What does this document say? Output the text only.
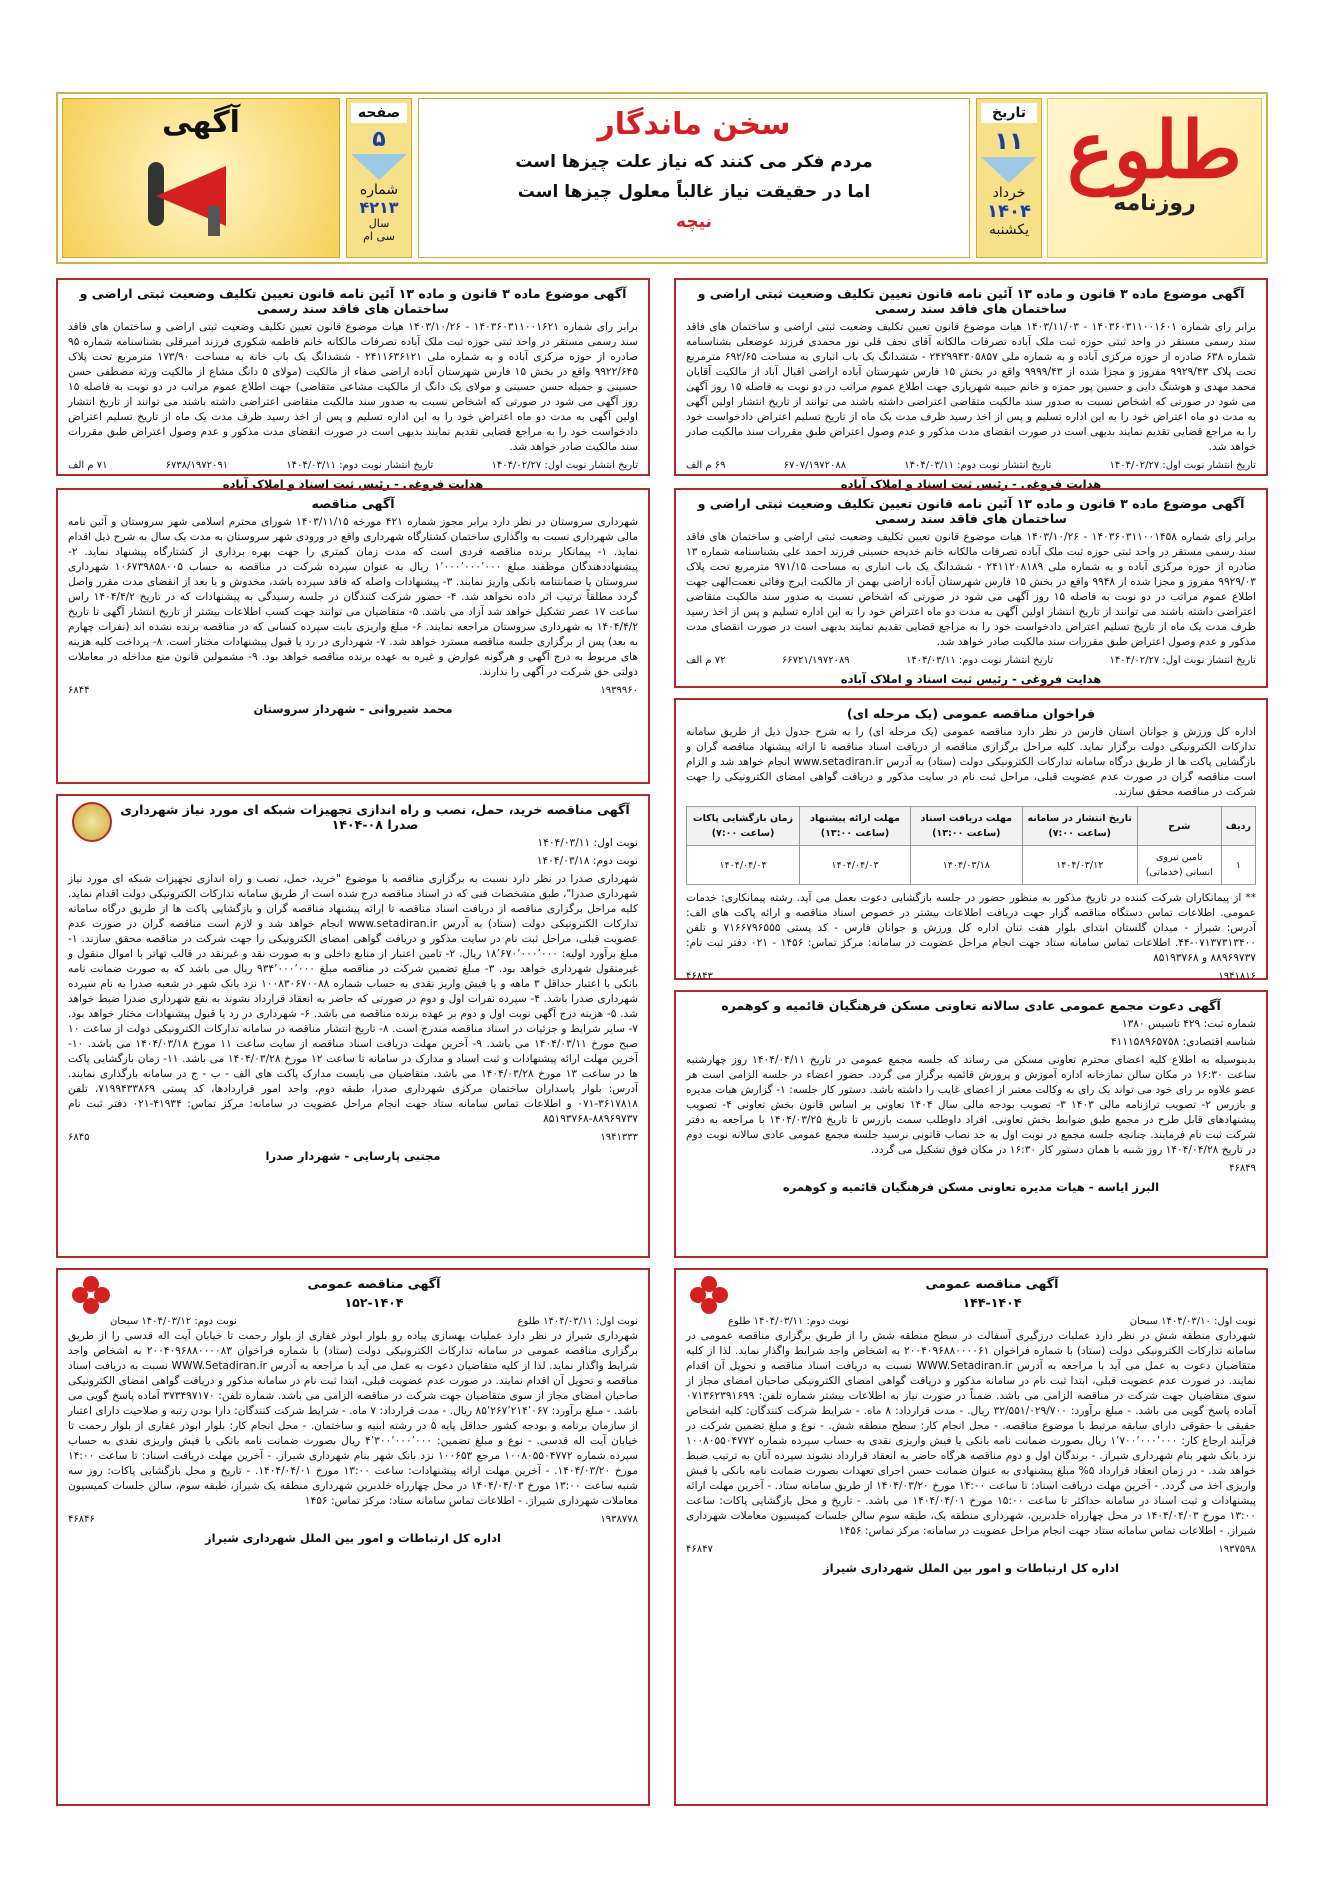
طلوع
روزنامه
تاریخ
۱۱
خرداد
۱۴۰۴
یکشنبه
سخن ماندگار
مردم فکر می کنند که نیاز علت چیزها است
اما در حقیقت نیاز غالباً معلول چیزها است
نیچه
صفحه
۵
شماره
۴۲۱۳
سال
سی ام
آگهی
آگهی موضوع ماده ۳ قانون و ماده ۱۳ آئین نامه قانون تعیین تکلیف وضعیت ثبتی اراضی و ساختمان های فاقد سند رسمی

برابر رای شماره ۱۴۰۳۶۰۳۱۱۰۰۱۶۰۱ - ۱۴۰۳/۱۱/۰۳ هیات موضوع قانون تعیین تکلیف وضعیت ثبتی اراضی و ساختمان های فاقد سند رسمی مستقر در واحد ثبتی حوزه ثبت ملک آباده تصرفات مالکانه آقای نجف قلی نور محمدی فرزند عوضعلی بشناسنامه شماره ۶۳۸ صادره از حوزه مرکزی آباده و به شماره ملی ۲۴۲۹۹۴۳۰۵۸۵۷ - ششدانگ یک باب انباری به مساحت ۶۹۲/۶۵ مترمربع تحت پلاک ۹۹۲۹/۴۳ مفروز و مجزا شده از ۹۹۹۹/۴۳ واقع در بخش ۱۵ فارس شهرستان آباده اراضی اقبال آباد از مالکیت آقایان محمد مهدی و هوشنگ دایی و حسین پور حمزه و خانم حبیبه شهریاری جهت اطلاع عموم مراتب در دو نوبت به فاصله ۱۵ روز آگهی می شود در صورتی که اشخاص نسبت به صدور سند مالکیت متقاضی اعتراضی داشته باشند می توانند از تاریخ انتشار اولین آگهی به مدت دو ماه اعتراض خود را به این اداره تسلیم و پس از اخذ رسید ظرف مدت یک ماه از تاریخ تسلیم اعتراض دادخواست خود را به مراجع قضایی تقدیم نمایند بدیهی است در صورت انقضای مدت مذکور و عدم وصول اعتراض طبق مقررات سند مالکیت صادر خواهد شد.

تاریخ انتشار نوبت اول: ۱۴۰۴/۰۲/۲۷
تاریخ انتشار نوبت دوم: ۱۴۰۴/۰۳/۱۱
۶۷۰۷/۱۹۷۲۰۸۸
۶۹ م الف
هدایت فروغی - رئیس ثبت اسناد و املاک آباده
آگهی موضوع ماده ۳ قانون و ماده ۱۳ آئین نامه قانون تعیین تکلیف وضعیت ثبتی اراضی و ساختمان های فاقد سند رسمی

برابر رای شماره ۱۴۰۳۶۰۳۱۱۰۰۱۴۵۸ - ۱۴۰۳/۱۰/۲۶ هیات موضوع قانون تعیین تکلیف وضعیت ثبتی اراضی و ساختمان های فاقد سند رسمی مستقر در واحد ثبتی حوزه ثبت ملک آباده تصرفات مالکانه خانم خدیجه حسینی فرزند احمد علی بشناسنامه شماره ۱۳ صادره از حوزه مرکزی آباده و به شماره ملی ۲۴۱۱۲۰۸۱۸۹ - ششدانگ یک باب انباری به مساحت ۹۷۱/۱۵ مترمربع تحت پلاک ۹۹۲۹/۰۳ مفروز و مجزا شده از ۹۹۴۸ واقع در بخش ۱۵ فارس شهرستان آباده اراضی بهمن از مالکیت ایرج وفائی نعمت‌الهی جهت اطلاع عموم مراتب در دو نوبت به فاصله ۱۵ روز آگهی می شود در صورتی که اشخاص نسبت به صدور سند مالکیت متقاضی اعتراضی داشته باشند می توانند از تاریخ انتشار اولین آگهی به مدت دو ماه اعتراض خود را به این اداره تسلیم و پس از اخذ رسید ظرف مدت یک ماه از تاریخ تسلیم اعتراض دادخواست خود را به مراجع قضایی تقدیم نمایند بدیهی است در صورت انقضای مدت مذکور و عدم وصول اعتراض طبق مقررات سند مالکیت صادر خواهد شد.

تاریخ انتشار نوبت اول: ۱۴۰۴/۰۲/۲۷
تاریخ انتشار نوبت دوم: ۱۴۰۴/۰۳/۱۱
۶۶۷۲۱/۱۹۷۲۰۸۹
۷۲ م الف
هدایت فروغی - رئیس ثبت اسناد و املاک آباده
فراخوان مناقصه عمومی (یک مرحله ای)

اداره کل ورزش و جوانان استان فارس در نظر دارد مناقصه عمومی (یک مرحله ای) را به شرح جدول ذیل از طریق سامانه تدارکات الکترونیکی دولت برگزار نماید. کلیه مراحل برگزاری مناقصه از دریافت اسناد مناقصه تا ارائه پیشنهاد مناقصه گران و بازگشایی پاکت ها از طریق درگاه سامانه تدارکات الکترونیکی دولت (ستاد) به آدرس www.setadiran.ir انجام خواهد شد و الزام است مناقصه گران در صورت عدم عضویت قبلی، مراحل ثبت نام در سایت مذکور و دریافت گواهی امضای الکترونیکی را جهت شرکت در مناقصه محقق سازند.

ردیف	شرح	تاریخ انتشار در سامانه (ساعت ۷:۰۰)	مهلت دریافت اسناد (ساعت ۱۳:۰۰)	مهلت ارائه پیشنهاد (ساعت ۱۳:۰۰)	زمان بازگشایی پاکات (ساعت ۷:۰۰)
۱	تامین نیروی انسانی (خدماتی)	۱۴۰۴/۰۳/۱۲	۱۴۰۴/۰۳/۱۸	۱۴۰۴/۰۴/۰۳	۱۴۰۴/۰۴/۰۴

** از پیمانکاران شرکت کننده در تاریخ مذکور به منظور حضور در جلسه بازگشایی دعوت بعمل می آید. رشته پیمانکاری: خدمات عمومی. اطلاعات تماس دستگاه مناقصه گزار جهت دریافت اطلاعات بیشتر در خصوص اسناد مناقصه و ارائه پاکت های الف: آدرس: شیراز - میدان گلستان ابتدای بلوار هفت تنان اداره کل ورزش و جوانان فارس - کد پستی ۷۱۶۶۷۹۶۵۵۵ و تلفن ۰۷۱۳۷۳۱۳۴۰۰-۴۴. اطلاعات تماس سامانه ستاد جهت انجام مراحل عضویت در سامانه: مرکز تماس: ۱۴۵۶ - ۰۲۱ دفتر ثبت نام: ۸۸۹۶۹۷۳۷ و ۸۵۱۹۳۷۶۸

۱۹۴۱۸۱۶
۴۶۸۴۳
آگهی دعوت مجمع عمومی عادی سالانه تعاونی مسکن فرهنگیان قائمیه و کوهمره

شماره ثبت: ۴۲۹ تاسیس ۱۳۸۰

شناسه اقتصادی: ۴۱۱۱۵۸۹۶۵۷۵۸

بدینوسیله به اطلاع کلیه اعضای محترم تعاونی مسکن می رساند که جلسه مجمع عمومی در تاریخ ۱۴۰۴/۰۴/۱۱ روز چهارشنبه ساعت ۱۶:۳۰ در مکان سالن نمازخانه اداره آموزش و پرورش قائمیه برگزار می گردد. حضور اعضاء در جلسه الزامی است هر عضو علاوه بر رای خود می تواند یک رای به وکالت معتبر از اعضای غایب را داشته باشد. دستور کار جلسه: ۱- گزارش هیات مدیره و بازرس ۲- تصویب ترازنامه مالی ۱۴۰۳ ۳- تصویب بودجه مالی سال ۱۴۰۴ تعاونی بر اساس قانون بخش تعاونی ۴- تصویب پیشنهادهای قابل طرح در مجمع طبق ضوابط بخش تعاونی. افراد داوطلب سمت بازرس تا تاریخ ۱۴۰۴/۰۳/۲۵ با مراجعه به دفتر شرکت ثبت نام فرمایند. چنانچه جلسه مجمع در نوبت اول به حد نصاب قانونی نرسید جلسه مجمع عمومی عادی سالانه نوبت دوم در تاریخ ۱۴۰۴/۰۴/۲۸ روز شنبه با همان دستور کار ۱۶:۳۰ در مکان فوق تشکیل می گردد.

۴۶۸۴۹
البرز ایاسه - هیات مدیره تعاونی مسکن فرهنگیان قائمیه و کوهمره
آگهی مناقصه عمومی
۱۴۴-۱۴۰۴
نوبت اول: ۱۴۰۴/۰۳/۱۰ سبحان
نوبت دوم: ۱۴۰۴/۰۳/۱۱ طلوع

شهرداری منطقه شش در نظر دارد عملیات درزگیری آسفالت در سطح منطقه شش را از طریق برگزاری مناقصه عمومی در سامانه تدارکات الکترونیکی دولت (ستاد) با شماره فراخوان ۲۰۰۴۰۹۶۸۸۰۰۰۰۶۱ به اشخاص واجد شرایط واگذار نماید. لذا از کلیه متقاضیان دعوت به عمل می آید با مراجعه به آدرس WWW.Setadiran.ir نسبت به دریافت اسناد مناقصه و تحویل آن اقدام نمایند. در صورت عدم عضویت قبلی، ابتدا ثبت نام در سامانه مذکور و دریافت گواهی امضای الکترونیکی صاحبان امضای مجاز از سوی متقاضیان جهت شرکت در مناقصه الزامی می باشد. ضمناً در صورت نیاز به اطلاعات بیشتر شماره تلفن: ۰۷۱۳۶۲۳۹۱۶۹۹ آماده پاسخ گویی می باشد. - مبلغ برآورد: ۳۲/۵۵۱/۰۲۹/۷۰۰ ریال. - مدت قرارداد: ۸ ماه. - شرایط شرکت کنندگان: کلیه اشخاص حقیقی با حقوقی دارای سابقه مرتبط با موضوع مناقصه. - محل انجام کار: سطح منطقه شش. - نوع و مبلغ تضمین شرکت در فرآیند ارجاع کار: ۱٬۷۰۰٬۰۰۰٬۰۰۰ ریال بصورت ضمانت نامه بانکی یا فیش واریزی نقدی به حساب سپرده شماره ۱۰۰۸۰۵۵۰۴۷۷۲ نزد بانک شهر بنام شهرداری شیراز. - برندگان اول و دوم مناقصه هرگاه حاضر به انعقاد قرارداد نشوند سپرده آنان به ترتیب ضبط خواهد شد. - در زمان انعقاد قرارداد ۵% مبلغ پیشنهادی به عنوان ضمانت حسن اجرای تعهدات بصورت ضمانت نامه بانکی یا فیش واریزی اخذ می گردد. - آخرین مهلت دریافت اسناد: تا ساعت ۱۴:۰۰ مورخ ۱۴۰۴/۰۳/۲۰ از طریق سامانه ستاد. - آخرین مهلت ارائه پیشنهادات و ثبت اسناد در سامانه حداکثر تا ساعت ۱۵:۰۰ مورخ ۱۴۰۴/۰۴/۰۱ می باشد. - تاریخ و محل بازگشایی پاکات: ساعت ۱۳:۰۰ مورخ ۱۴۰۴/۰۴/۰۳ در محل چهارراه خلدبرین، شهرداری منطقه یک، طبقه سوم سالن جلسات کمیسیون معاملات شهرداری شیراز. - اطلاعات تماس سامانه ستاد جهت انجام مراحل عضویت در سامانه: مرکز تماس: ۱۴۵۶

۱۹۳۷۵۹۸
۴۶۸۴۷
اداره کل ارتباطات و امور بین الملل شهرداری شیراز
آگهی موضوع ماده ۳ قانون و ماده ۱۳ آئین نامه قانون تعیین تکلیف وضعیت ثبتی اراضی و ساختمان های فاقد سند رسمی

برابر رای شماره ۱۴۰۳۶۰۳۱۱۰۰۱۶۲۱ - ۱۴۰۳/۱۰/۲۶ هیات موضوع قانون تعیین تکلیف وضعیت ثبتی اراضی و ساختمان های فاقد سند رسمی مستقر در واحد ثبتی حوزه ثبت ملک آباده تصرفات مالکانه خانم فاطمه شکوری فرزند امیرقلی بشناسنامه شماره ۹۵ صادره از حوزه مرکزی آباده و به شماره ملی ۲۴۱۱۶۳۶۱۲۱ - ششدانگ یک باب خانه به مساحت ۱۷۳/۹۰ مترمربع تحت پلاک ۹۹۲۲/۶۴۵ واقع در بخش ۱۵ فارس شهرستان آباده اراضی صفاء از مالکیت (مولای ۵ دانگ مشاع از مالکیت ورثه مصطفی حسن حسینی و جمیله حسن حسینی و مولای یک دانگ از مالکیت مشاعی متقاضی) جهت اطلاع عموم مراتب در دو نوبت به فاصله ۱۵ روز آگهی می شود در صورتی که اشخاص نسبت به صدور سند مالکیت متقاضی اعتراضی داشته باشند می توانند از تاریخ انتشار اولین آگهی به مدت دو ماه اعتراض خود را به این اداره تسلیم و پس از اخذ رسید ظرف مدت یک ماه از تاریخ تسلیم اعتراض دادخواست خود را به مراجع قضایی تقدیم نمایند بدیهی است در صورت انقضای مدت مذکور و عدم وصول اعتراض طبق مقررات سند مالکیت صادر خواهد شد.

تاریخ انتشار نوبت اول: ۱۴۰۴/۰۲/۲۷
تاریخ انتشار نوبت دوم: ۱۴۰۴/۰۳/۱۱
۶۷۳۸/۱۹۷۲۰۹۱
۷۱ م الف
هدایت فروغی - رئیس ثبت اسناد و املاک آباده
آگهی مناقصه

شهرداری سروستان در نظر دارد برابر مجوز شماره ۴۲۱ مورخه ۱۴۰۳/۱۱/۱۵ شورای محترم اسلامی شهر سروستان و آئین نامه مالی شهرداری نسبت به واگذاری ساختمان کشتارگاه شهرداری واقع در ورودی شهر سروستان به مدت یک سال به شرح ذیل اقدام نماید. ۱- پیمانکار برنده مناقصه فردی است که مدت زمان کمتری را جهت بهره برداری از کشتارگاه پیشنهاد نماید. ۲- پیشنهاددهندگان موظفند مبلغ ۱٬۰۰۰٬۰۰۰٬۰۰۰ ریال به عنوان سپرده شرکت در مناقصه به حساب ۱۰۶۷۳۹۸۵۸۰۰۵ شهرداری سروستان یا ضمانتنامه بانکی واریز نمایند. ۳- پیشنهادات واصله که فاقد سپرده باشد، مخدوش و یا بعد از انقضای مدت مقرر واصل گردد مطلقاً ترتیب اثر داده نخواهد شد. ۴- حضور شرکت کنندگان در جلسه رسیدگی به پیشنهادات که در تاریخ ۱۴۰۴/۴/۲ راس ساعت ۱۷ عصر تشکیل خواهد شد آزاد می باشد. ۵- متقاضیان می توانند جهت کسب اطلاعات بیشتر از تاریخ انتشار آگهی تا تاریخ ۱۴۰۴/۴/۲ به شهرداری سروستان مراجعه نمایند. ۶- مبلغ واریزی بابت سپرده کسانی که در مناقصه برنده نشده اند (نفرات چهارم به بعد) پس از برگزاری جلسه مناقصه مسترد خواهد شد. ۷- شهرداری در رد یا قبول پیشنهادات مختار است. ۸- پرداخت کلیه هزینه های مربوط به درج آگهی و هرگونه عوارض و غیره به عهده برنده مناقصه خواهد بود. ۹- مشمولین قانون منع مداخله در معاملات دولتی حق شرکت در آگهی را ندارند.

۱۹۳۹۹۶۰
۶۸۴۴
محمد شیروانی - شهردار سروستان
آگهی مناقصه خرید، حمل، نصب و راه اندازی تجهیزات شبکه ای مورد نیاز شهرداری صدرا ۰۸-۱۴۰۴

نوبت اول: ۱۴۰۴/۰۳/۱۱

نوبت دوم: ۱۴۰۴/۰۳/۱۸

شهرداری صدرا در نظر دارد نسبت به برگزاری مناقصه با موضوع "خرید، حمل، نصب و راه اندازی تجهیزات شبکه ای مورد نیاز شهرداری صدرا"، طبق مشخصات فنی که در اسناد مناقصه درج شده است از طریق سامانه تدارکات الکترونیکی دولت اقدام نماید. کلیه مراحل برگزاری مناقصه از دریافت اسناد مناقصه تا ارائه پیشنهاد مناقصه گران و بازگشایی پاکت ها از طریق درگاه سامانه تدارکات الکترونیکی دولت (ستاد) به آدرس www.setadiran.ir انجام خواهد شد و لازم است مناقصه گران در صورت عدم عضویت قبلی، مراحل ثبت نام در سایت مذکور و دریافت گواهی امضای الکترونیکی را جهت شرکت در مناقصه محقق سازند. ۱- مبلغ برآورد اولیه: ۱۸٬۶۷۰٬۰۰۰٬۰۰۰ ریال. ۲- تامین اعتبار از منابع داخلی و به صورت نقد و غیرنقد در قالب تهاتر با اموال منقول و غیرمنقول شهرداری خواهد بود. ۳- مبلغ تضمین شرکت در مناقصه مبلغ ۹۳۴٬۰۰۰٬۰۰۰ ریال می باشد که به صورت ضمانت نامه بانکی با اعتبار حداقل ۳ ماهه و یا فیش واریز نقدی به حساب شماره ۱۰۰۸۳۰۶۷۰۰۸۸ نزد بانک شهر در شعبه صدرا به نام سپرده شهرداری صدرا باشد. ۴- سپرده نفرات اول و دوم در صورتی که حاضر به انعقاد قرارداد نشوند به نفع شهرداری صدرا ضبط خواهد شد. ۵- هزینه درج آگهی نوبت اول و دوم بر عهده برنده مناقصه می باشد. ۶- شهرداری در رد یا قبول پیشنهادات مختار خواهد بود. ۷- سایر شرایط و جزئیات در اسناد مناقصه مندرج است. ۸- تاریخ انتشار مناقصه در سامانه تدارکات الکترونیکی دولت از ساعت ۱۰ صبح مورخ ۱۴۰۴/۰۳/۱۱ می باشد. ۹- آخرین مهلت دریافت اسناد مناقصه از سایت ساعت ۱۱ مورخ ۱۴۰۴/۰۳/۱۸ می باشد. ۱۰- آخرین مهلت ارائه پیشنهادات و ثبت اسناد و مدارک در سامانه تا ساعت ۱۲ مورخ ۱۴۰۴/۰۳/۲۸ می باشد. ۱۱- زمان بازگشایی پاکت ها در ساعت ۱۳ مورخ ۱۴۰۴/۰۳/۲۸ می باشد. متقاضیان می بایست مدارک پاکت های الف - ب - ج در سامانه بارگذاری نمایند. آدرس: بلوار پاسداران ساختمان مرکزی شهرداری صدرا، طبقه دوم، واحد امور قراردادها، کد پستی ۷۱۹۹۴۳۳۸۶۹، تلفن ۳۶۱۷۸۱۸-۰۷۱ و اطلاعات تماس سامانه ستاد جهت انجام مراحل عضویت در سامانه: مرکز تماس: ۴۱۹۳۴-۰۲۱ دفتر ثبت نام ۸۸۹۶۹۷۳۷-۸۵۱۹۳۷۶۸

۱۹۴۱۳۳۳
۶۸۴۵
مجتبی پارسایی - شهردار صدرا
آگهی مناقصه عمومی
۱۵۲-۱۴۰۴
نوبت اول: ۱۴۰۴/۰۳/۱۱ طلوع
نوبت دوم: ۱۴۰۴/۰۳/۱۲ سبحان

شهرداری شیراز در نظر دارد عملیات بهسازی پیاده رو بلوار ابوذر غفاری از بلوار رحمت تا خیابان آیت اله قدسی را از طریق برگزاری مناقصه عمومی در سامانه تدارکات الکترونیکی دولت (ستاد) با شماره فراخوان ۲۰۰۴۰۹۶۸۸۰۰۰۰۸۳ به اشخاص واجد شرایط واگذار نماید. لذا از کلیه متقاضیان دعوت به عمل می آید با مراجعه به آدرس WWW.Setadiran.ir نسبت به دریافت اسناد مناقصه و تحویل آن اقدام نمایند. در صورت عدم عضویت قبلی، ابتدا ثبت نام در سامانه مذکور و دریافت گواهی امضای الکترونیکی صاحبان امضای مجاز از سوی متقاضیان جهت شرکت در مناقصه الزامی می باشد. شماره تلفن: ۳۷۳۴۹۷۱۷۰ آماده پاسخ گویی می باشد. - مبلغ برآورد: ۸۵٬۲۶۷٬۲۱۴٬۰۶۷ ریال. - مدت قرارداد: ۷ ماه. - شرایط شرکت کنندگان: دارا بودن رتبه و صلاحیت دارای اعتبار از سازمان برنامه و بودجه کشور حداقل پایه ۵ در رشته ابنیه و ساختمان. - محل انجام کار: بلوار ابوذر غفاری از بلوار رحمت تا خیابان آیت اله قدسی. - نوع و مبلغ تضمین: ۴٬۳۰۰٬۰۰۰٬۰۰۰ ریال بصورت ضمانت نامه بانکی یا فیش واریزی نقدی به حساب سپرده شماره ۱۰۰۸۰۵۵۰۴۷۷۲ مرجع ۱۰۰۶۵۳ نزد بانک شهر بنام شهرداری شیراز. - آخرین مهلت دریافت اسناد: تا ساعت ۱۴:۰۰ مورخ ۱۴۰۴/۰۳/۲۰. - آخرین مهلت ارائه پیشنهادات: ساعت ۱۳:۰۰ مورخ ۱۴۰۴/۰۴/۰۱. - تاریخ و محل بازگشایی پاکات: روز سه شنبه ساعت ۱۳:۰۰ مورخ ۱۴۰۴/۰۴/۰۳ در محل چهارراه خلدبرین شهرداری منطقه یک شیراز، طبقه سوم، سالن جلسات کمیسیون معاملات شهرداری شیراز. - اطلاعات تماس سامانه ستاد: مرکز تماس: ۱۴۵۶

۱۹۳۸۷۷۸
۴۶۸۴۶
اداره کل ارتباطات و امور بین الملل شهرداری شیراز
